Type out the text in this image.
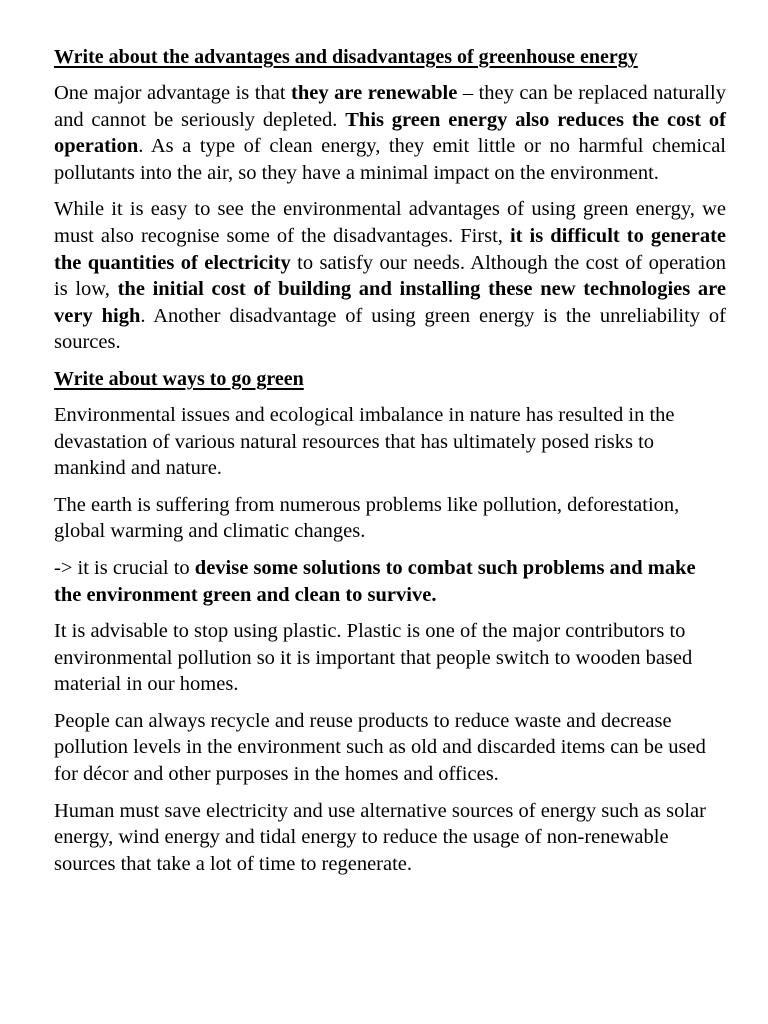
Write about the advantages and disadvantages of greenhouse energy

One major advantage is that they are renewable – they can be replaced naturally and cannot be seriously depleted. This green energy also reduces the cost of operation. As a type of clean energy, they emit little or no harmful chemical pollutants into the air, so they have a minimal impact on the environment.

While it is easy to see the environmental advantages of using green energy, we must also recognise some of the disadvantages. First, it is difficult to generate the quantities of electricity to satisfy our needs. Although the cost of operation is low, the initial cost of building and installing these new technologies are very high. Another disadvantage of using green energy is the unreliability of sources.

Write about ways to go green

Environmental issues and ecological imbalance in nature has resulted in the devastation of various natural resources that has ultimately posed risks to mankind and nature.

The earth is suffering from numerous problems like pollution, deforestation, global warming and climatic changes.

-> it is crucial to devise some solutions to combat such problems and make the environment green and clean to survive.

It is advisable to stop using plastic. Plastic is one of the major contributors to environmental pollution so it is important that people switch to wooden based material in our homes.

People can always recycle and reuse products to reduce waste and decrease pollution levels in the environment such as old and discarded items can be used for décor and other purposes in the homes and offices.

Human must save electricity and use alternative sources of energy such as solar energy, wind energy and tidal energy to reduce the usage of non-renewable sources that take a lot of time to regenerate.
